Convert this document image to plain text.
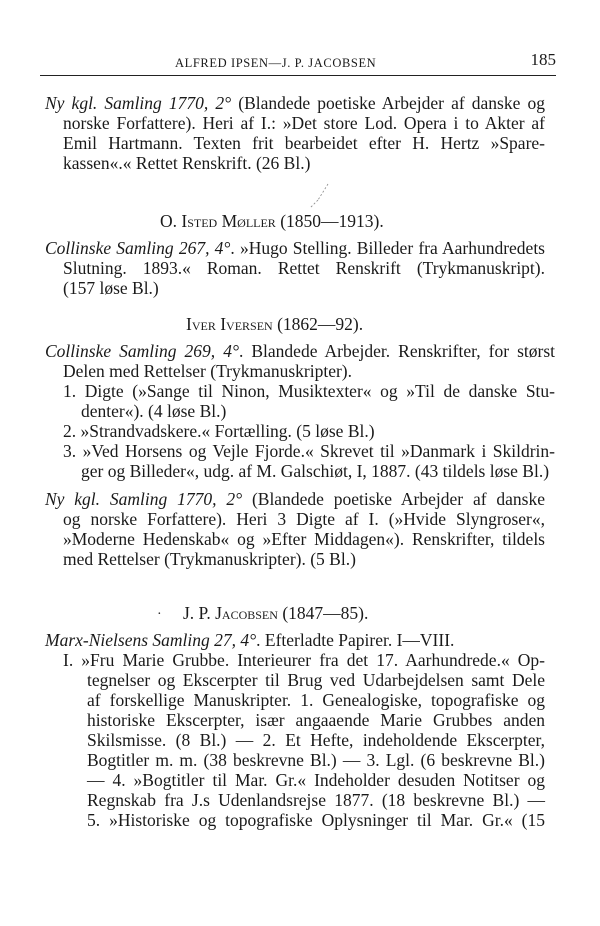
ALFRED IPSEN—J. P. JACOBSEN	185
Ny kgl. Samling 1770, 2° (Blandede poetiske Arbejder af danske og
norske Forfattere). Heri af I.: »Det store Lod. Opera i to Akter af
Emil Hartmann. Texten frit bearbeidet efter H. Hertz »Spare-
kassen«.« Rettet Renskrift. (26 Bl.)
O. Isted Møller (1850—1913).
Collinske Samling 267, 4°. »Hugo Stelling. Billeder fra Aarhundredets
Slutning. 1893.« Roman. Rettet Renskrift (Trykmanuskript).
(157 løse Bl.)
Iver Iversen (1862—92).
Collinske Samling 269, 4°. Blandede Arbejder. Renskrifter, for størst
Delen med Rettelser (Trykmanuskripter).
1. Digte (»Sange til Ninon, Musiktexter« og »Til de danske Stu-
denter«). (4 løse Bl.)
2. »Strandvadskere.« Fortælling. (5 løse Bl.)
3. »Ved Horsens og Vejle Fjorde.« Skrevet til »Danmark i Skildrin-
ger og Billeder«, udg. af M. Galschiøt, I, 1887. (43 tildels løse Bl.)
Ny kgl. Samling 1770, 2° (Blandede poetiske Arbejder af danske
og norske Forfattere). Heri 3 Digte af I. (»Hvide Slyngroser«,
»Moderne Hedenskab« og »Efter Middagen«). Renskrifter, tildels
med Rettelser (Trykmanuskripter). (5 Bl.)
· J. P. Jacobsen (1847—85).
Marx-Nielsens Samling 27, 4°. Efterladte Papirer. I—VIII.
I. »Fru Marie Grubbe. Interieurer fra det 17. Aarhundrede.« Op-
tegnelser og Ekscerpter til Brug ved Udarbejdelsen samt Dele
af forskellige Manuskripter. 1. Genealogiske, topografiske og
historiske Ekscerpter, især angaaende Marie Grubbes anden
Skilsmisse. (8 Bl.) — 2. Et Hefte, indeholdende Ekscerpter,
Bogtitler m. m. (38 beskrevne Bl.) — 3. Lgl. (6 beskrevne Bl.)
— 4. »Bogtitler til Mar. Gr.« Indeholder desuden Notitser og
Regnskab fra J.s Udenlandsrejse 1877. (18 beskrevne Bl.) —
5. »Historiske og topografiske Oplysninger til Mar. Gr.« (15
